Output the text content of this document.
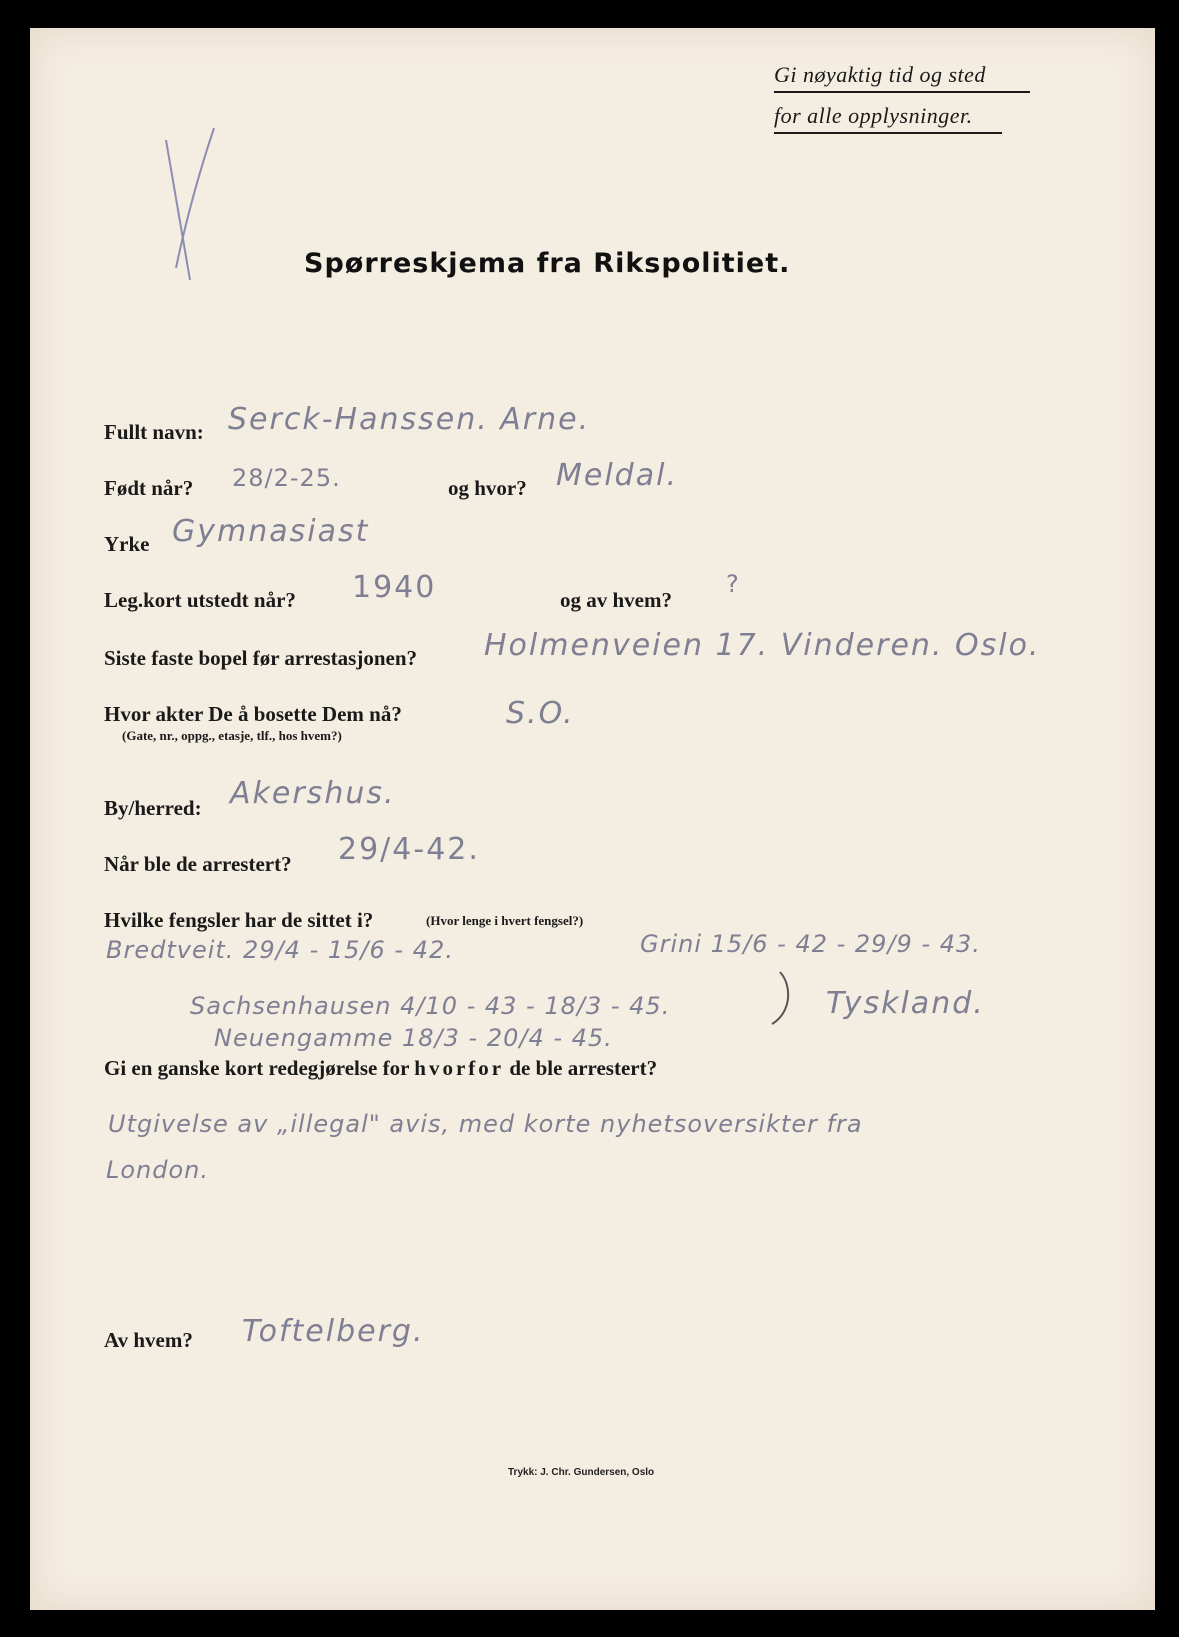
Gi nøyaktig tid og sted
for alle opplysninger.
Spørreskjema fra Rikspolitiet.
Fullt navn: Serck-Hanssen. Arne.
Født når? 28/2-25.	og hvor? Meldal.
Yrke Gymnasiast
Leg.kort utstedt når? 1940	og av hvem?
?
Siste faste bopel før arrestasjonen? Holmenveien 17. Vinderen. Oslo.
Hvor akter De å bosette Dem nå?
(Gate, nr., oppg., etasje, tlf., hos hvem?)
S.O.
By/herred: Akershus.
Når ble de arrestert? 29/4-42.
Hvilke fengsler har de sittet i?	(Hvor lenge i hvert fengsel?)
Bredtveit. 29/4 - 15/6 - 42.	Grini 15/6 - 42 - 29/9 - 43.
Sachsenhausen 4/10 - 43 - 18/3 - 45.
Neuengamme 18/3 - 20/4 - 45.
Tyskland.
Gi en ganske kort redegjørelse for hvorfor de ble arrestert?
Utgivelse av „illegal" avis, med korte nyhetsoversikter fra
London.
Av hvem? Toftelberg.
Trykk: J. Chr. Gundersen, Oslo
